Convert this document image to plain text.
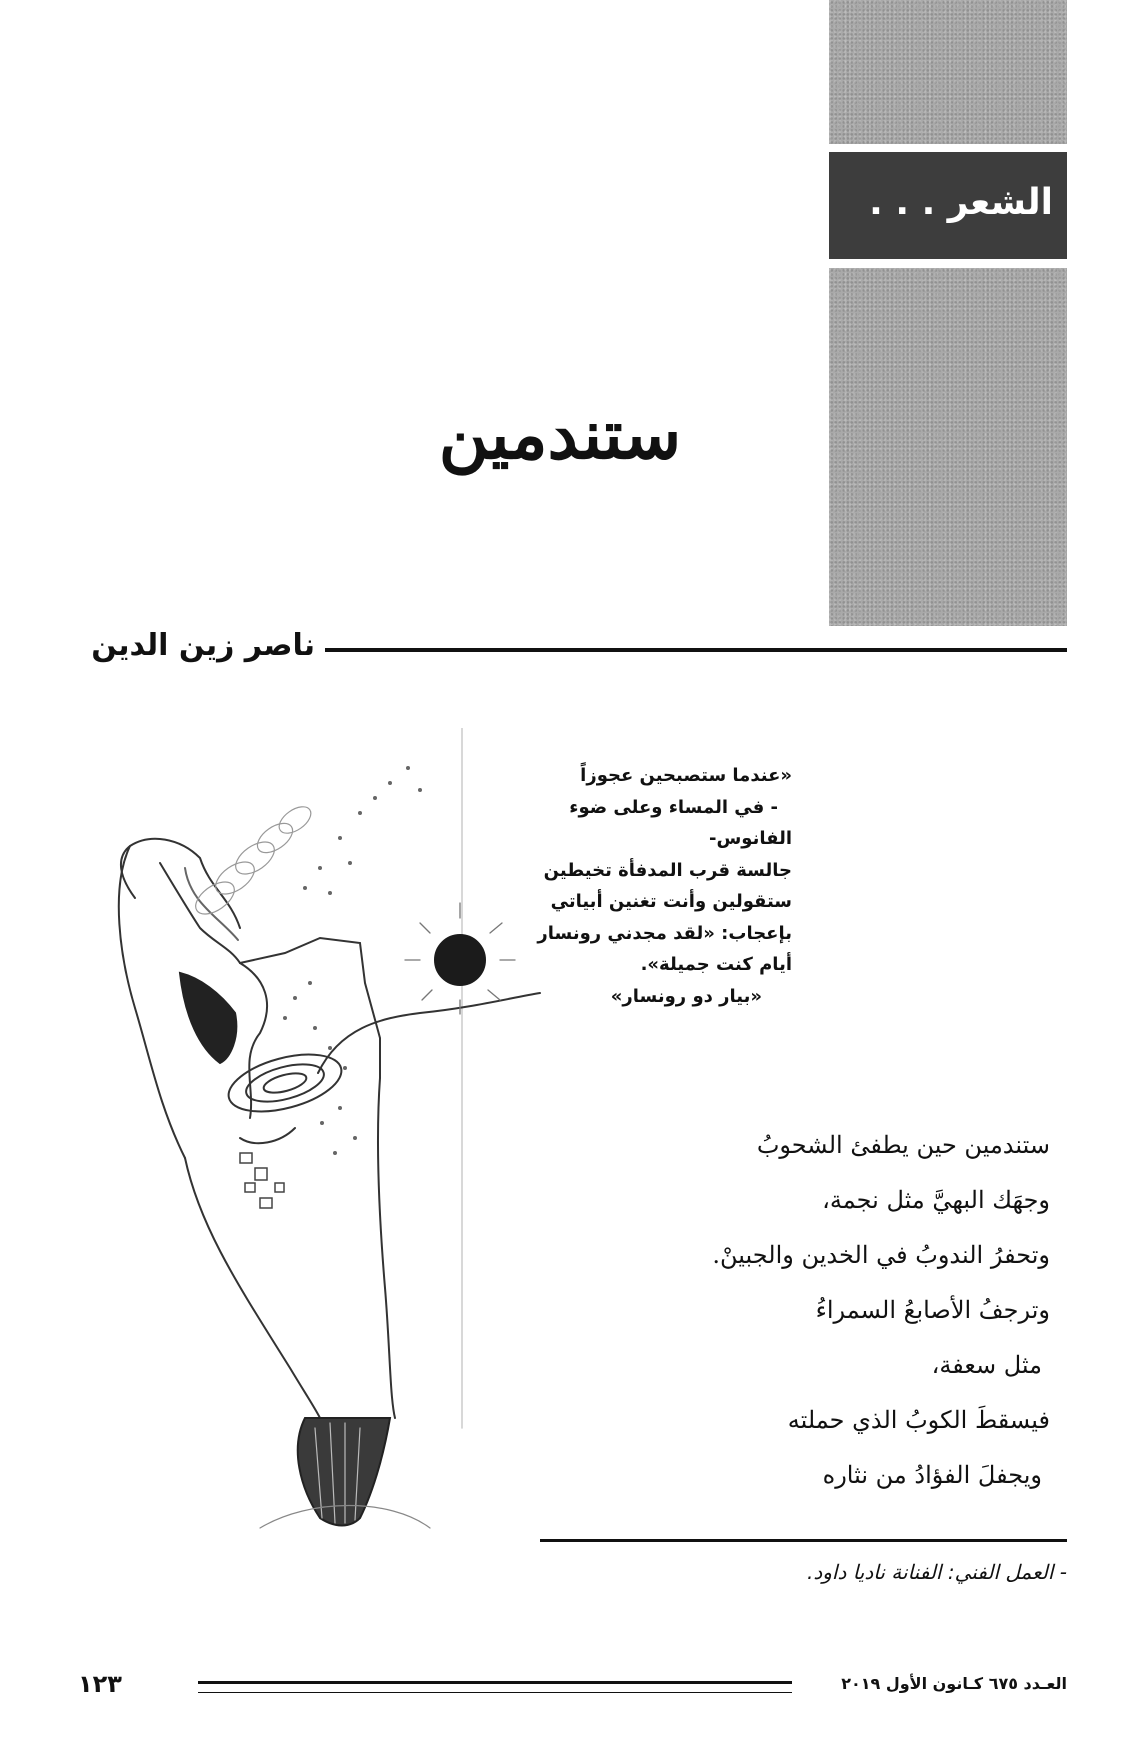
الشعر . . .
ستندمين
ناصر زين الدين
«عندما ستصبحين عجوزاً
- في المساء وعلى ضوء
الفانوس-
جالسة قرب المدفأة تخيطين
ستقولين وأنت تغنين أبياتي
بإعجاب: «لقد مجدني رونسار
أيام كنت جميلة».
«بيار دو رونسار»
ستندمين حين يطفئ الشحوبُ
وجهَك البهيَّ مثل نجمة،
وتحفرُ الندوبُ في الخدين والجبينْ.
وترجفُ الأصابعُ السمراءُ
مثل سعفة،
فيسقطَ الكوبُ الذي حملته
ويجفلَ الفؤادُ من نثاره
- العمل الفني: الفنانة ناديا داود.
١٢٣	العـدد ٦٧٥ كـانون الأول ٢٠١٩
